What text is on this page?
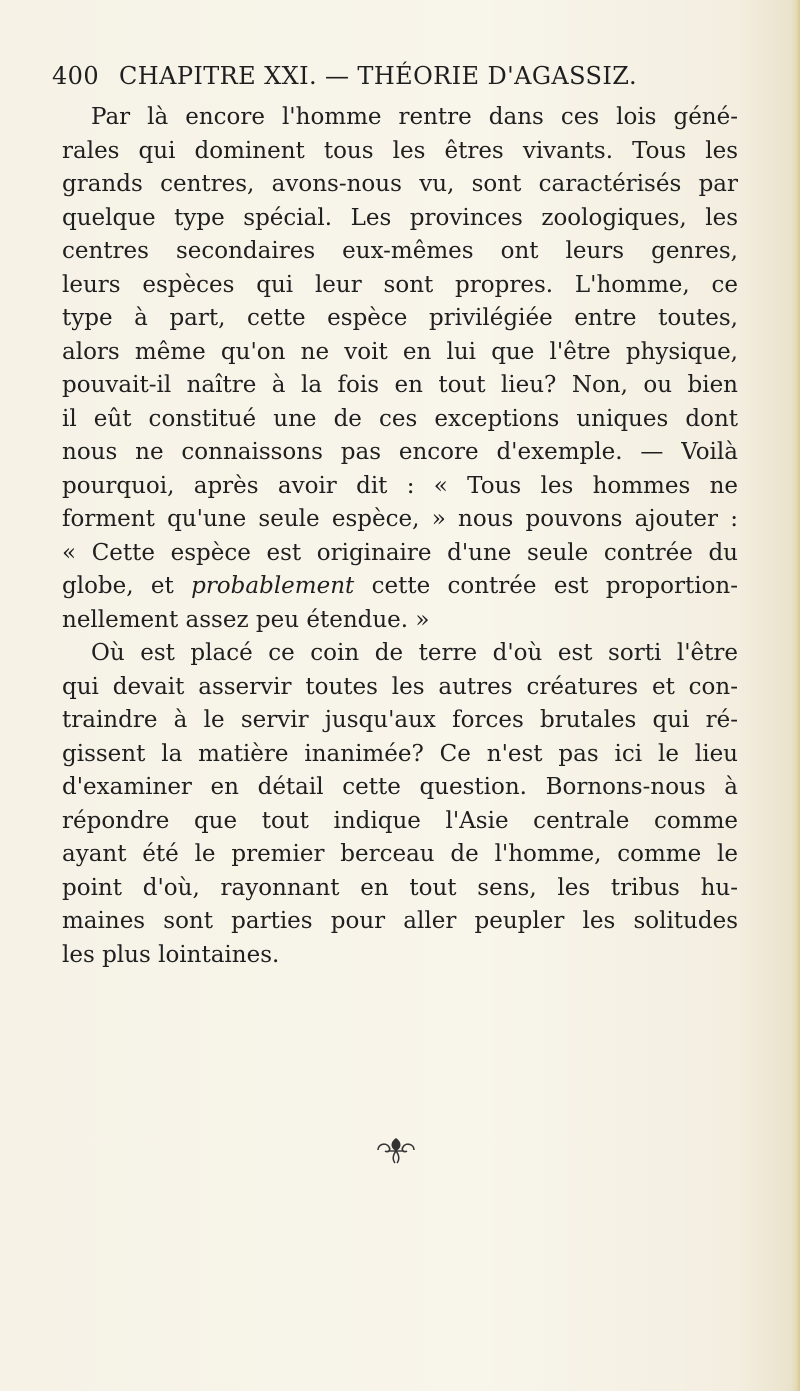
400 CHAPITRE XXI. — THÉORIE D'AGASSIZ.
Par là encore l'homme rentre dans ces lois géné-
rales qui dominent tous les êtres vivants. Tous les
grands centres, avons-nous vu, sont caractérisés par
quelque type spécial. Les provinces zoologiques, les
centres secondaires eux-mêmes ont leurs genres,
leurs espèces qui leur sont propres. L'homme, ce
type à part, cette espèce privilégiée entre toutes,
alors même qu'on ne voit en lui que l'être physique,
pouvait-il naître à la fois en tout lieu? Non, ou bien
il eût constitué une de ces exceptions uniques dont
nous ne connaissons pas encore d'exemple. — Voilà
pourquoi, après avoir dit : « Tous les hommes ne
forment qu'une seule espèce, » nous pouvons ajouter :
« Cette espèce est originaire d'une seule contrée du
globe, et probablement cette contrée est proportion-
nellement assez peu étendue. »
Où est placé ce coin de terre d'où est sorti l'être
qui devait asservir toutes les autres créatures et con-
traindre à le servir jusqu'aux forces brutales qui ré-
gissent la matière inanimée? Ce n'est pas ici le lieu
d'examiner en détail cette question. Bornons-nous à
répondre que tout indique l'Asie centrale comme
ayant été le premier berceau de l'homme, comme le
point d'où, rayonnant en tout sens, les tribus hu-
maines sont parties pour aller peupler les solitudes
les plus lointaines.
